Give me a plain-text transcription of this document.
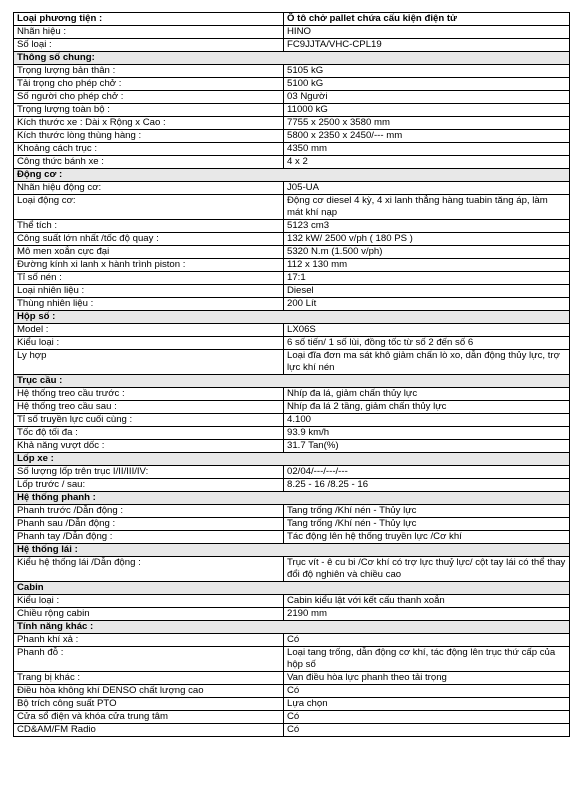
Loại phương tiện :	Ô tô chở pallet chứa cấu kiện điện tử
Nhãn hiệu :	HINO
Số loại :	FC9JJTA/VHC-CPL19
Thông số chung:	
Trọng lượng bản thân :	5105 kG
Tải trọng cho phép chở :	5100 kG
Số người cho phép chở :	03 Người
Trọng lượng toàn bộ :	11000 kG
Kích thước xe : Dài x Rộng x Cao :	7755 x 2500 x 3580 mm
Kích thước lòng thùng hàng :	5800 x 2350 x 2450/--- mm
Khoảng cách trục :	4350 mm
Công thức bánh xe :	4 x 2
Động cơ :	
Nhãn hiệu động cơ:	J05-UA
Loại động cơ:	Động cơ diesel 4 kỳ, 4 xi lanh thẳng hàng tuabin tăng áp, làm mát khí nạp
Thể tích :	5123 cm3
Công suất lớn nhất /tốc độ quay :	132 kW/ 2500 v/ph ( 180 PS )
Mô men xoắn cực đại	5320 N.m (1.500 v/ph)
Đường kính xi lanh x hành trình piston :	112 x 130 mm
Tỉ số nén :	17:1
Loại nhiên liệu :	Diesel
Thùng nhiên liệu :	200 Lít
Hộp số :	
Model :	LX06S
Kiểu loại :	6 số tiến/ 1 số lùi, đồng tốc từ số 2 đến số 6
Ly hợp	Loại đĩa đơn ma sát khô giảm chấn lò xo, dẫn động thủy lực, trợ lực khí nén
Trục cầu :	
Hệ thống treo cầu trước :	Nhíp đa lá, giảm chấn thủy lực
Hệ thống treo cầu sau :	Nhíp đa lá 2 tầng, giảm chấn thủy lực
Tỉ số truyền lực cuối cùng :	4.100
Tốc độ tối đa :	93.9 km/h
Khả năng vượt dốc :	31.7 Tan(%)
Lốp xe :	
Số lượng lốp trên trục I/II/III/IV:	02/04/---/---/---
Lốp trước / sau:	8.25 - 16 /8.25 - 16
Hệ thống phanh :	
Phanh trước /Dẫn động :	Tang trống /Khí nén - Thủy lực
Phanh sau /Dẫn động :	Tang trống /Khí nén - Thủy lực
Phanh tay /Dẫn động :	Tác động lên hệ thống truyền lực /Cơ khí
Hệ thống lái :	
Kiểu hệ thống lái /Dẫn động :	Trục vít - ê cu bi /Cơ khí có trợ lực thuỷ lực/ cột tay lái có thể thay đổi độ nghiên và chiều cao
Cabin	
Kiểu loại :	Cabin kiểu lật với kết cấu thanh xoắn
Chiều rộng cabin	2190 mm
Tính năng khác :	
Phanh khí xả :	Có
Phanh đỗ :	Loại tang trống, dẫn động cơ khí, tác động lên trục thứ cấp của hộp số
Trang bị khác :	Van điều hòa lực phanh theo tải trọng
Điều hòa không khí DENSO chất lượng cao	Có
Bộ trích công suất PTO	Lựa chọn
Cửa sổ điện và khóa cửa trung tâm	Có
CD&AM/FM Radio	Có
